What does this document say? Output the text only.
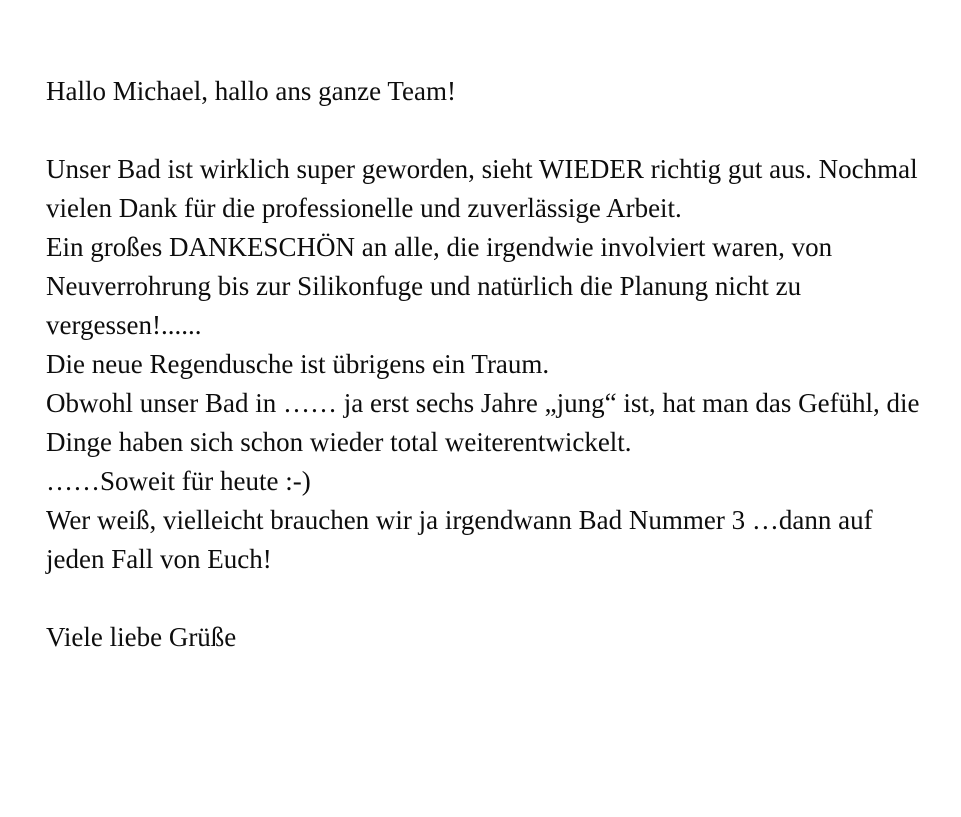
Hallo Michael, hallo ans ganze Team!

Unser Bad ist wirklich super geworden, sieht WIEDER richtig gut aus. Nochmal vielen Dank für die professionelle und zuverlässige Arbeit.

Ein großes DANKESCHÖN an alle, die irgendwie involviert waren, von Neuverrohrung bis zur Silikonfuge und natürlich die Planung nicht zu vergessen!......

Die neue Regendusche ist übrigens ein Traum.

Obwohl unser Bad in …… ja erst sechs Jahre „jung“ ist, hat man das Gefühl, die Dinge haben sich schon wieder total weiterentwickelt.

……Soweit für heute :-)

Wer weiß, vielleicht brauchen wir ja irgendwann Bad Nummer 3 …dann auf jeden Fall von Euch!

Viele liebe Grüße
